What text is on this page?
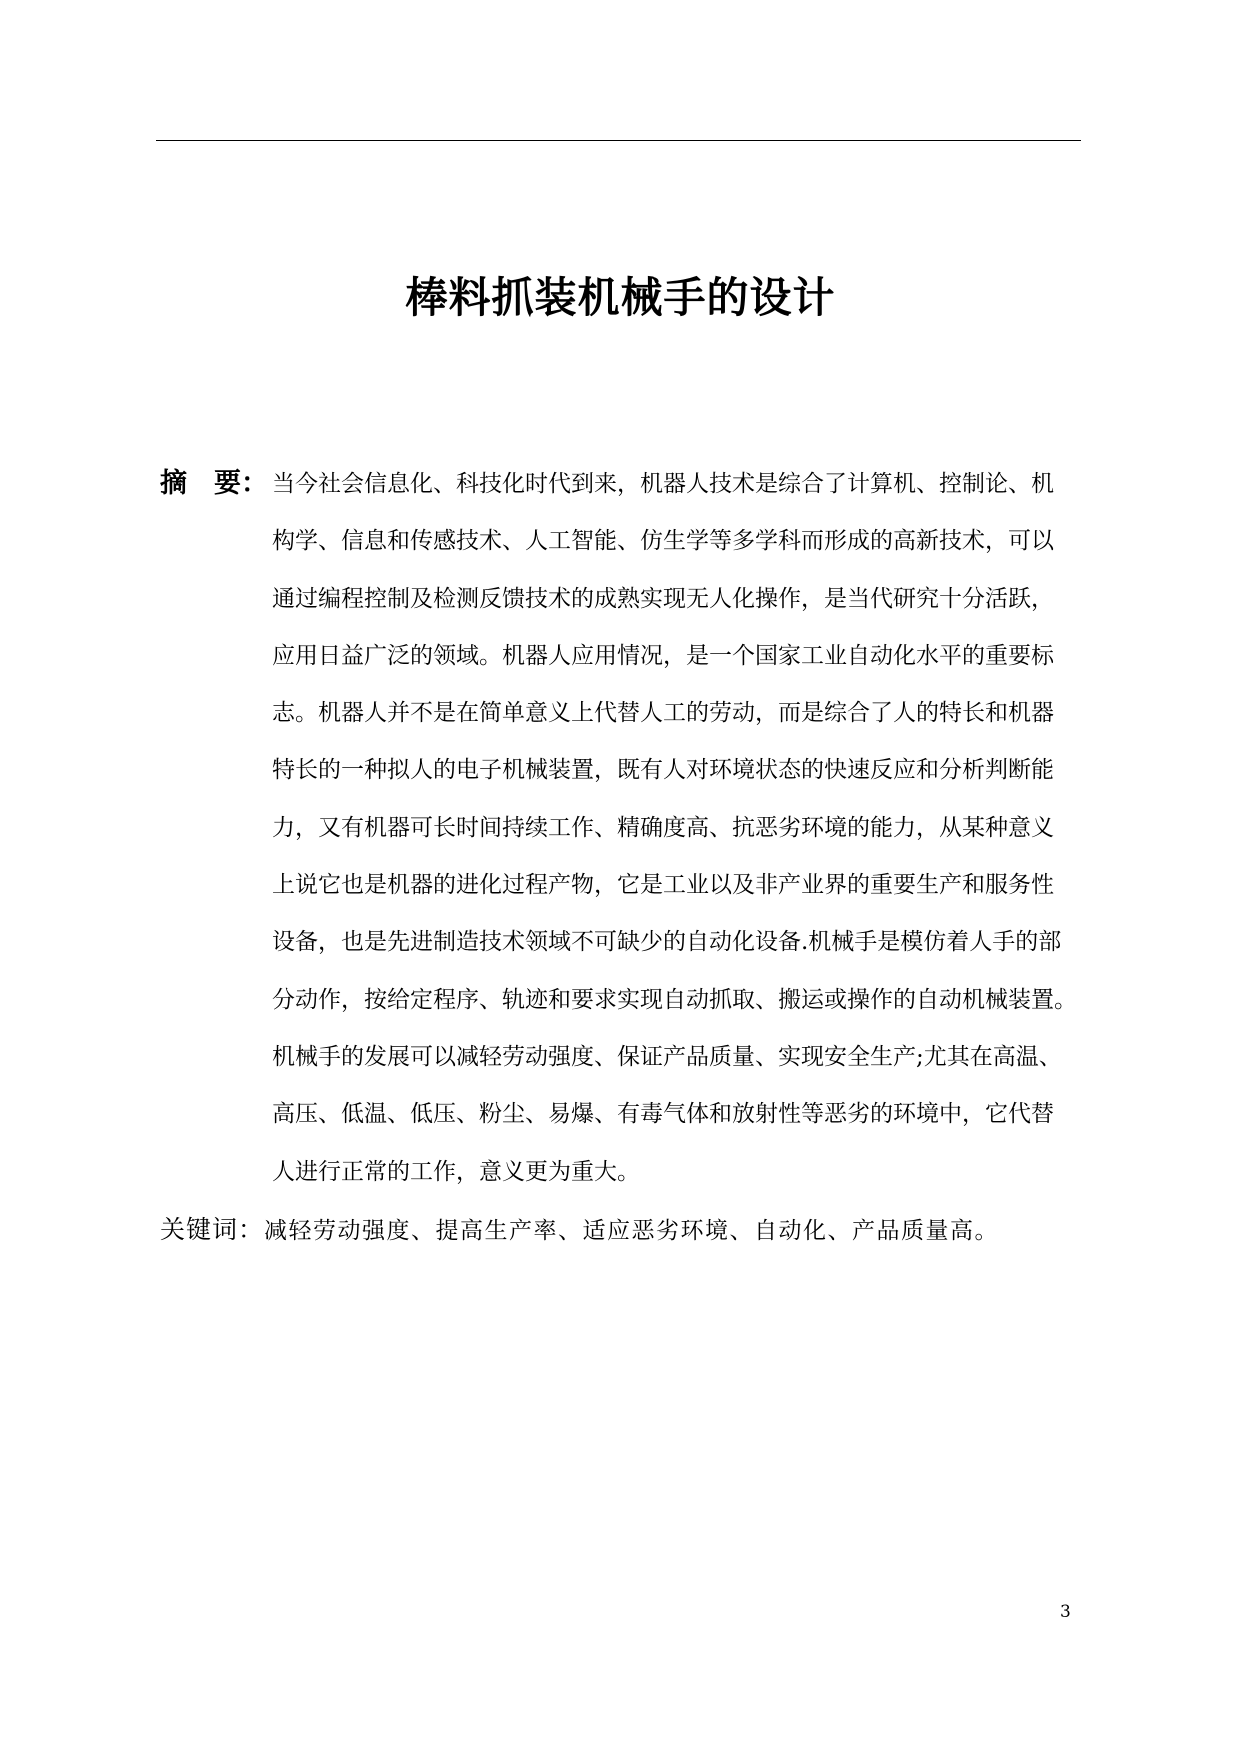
棒料抓装机械手的设计
摘　要： 当今社会信息化、科技化时代到来，机器人技术是综合了计算机、控制论、机
构学、信息和传感技术、人工智能、仿生学等多学科而形成的高新技术，可以
通过编程控制及检测反馈技术的成熟实现无人化操作，是当代研究十分活跃，
应用日益广泛的领域。机器人应用情况，是一个国家工业自动化水平的重要标
志。机器人并不是在简单意义上代替人工的劳动，而是综合了人的特长和机器
特长的一种拟人的电子机械装置，既有人对环境状态的快速反应和分析判断能
力，又有机器可长时间持续工作、精确度高、抗恶劣环境的能力，从某种意义
上说它也是机器的进化过程产物，它是工业以及非产业界的重要生产和服务性
设备，也是先进制造技术领域不可缺少的自动化设备.机械手是模仿着人手的部
分动作，按给定程序、轨迹和要求实现自动抓取、搬运或操作的自动机械装置。
机械手的发展可以减轻劳动强度、保证产品质量、实现安全生产;尤其在高温、
高压、低温、低压、粉尘、易爆、有毒气体和放射性等恶劣的环境中，它代替
人进行正常的工作，意义更为重大。
关键词：减轻劳动强度、提高生产率、适应恶劣环境、自动化、产品质量高。
3
